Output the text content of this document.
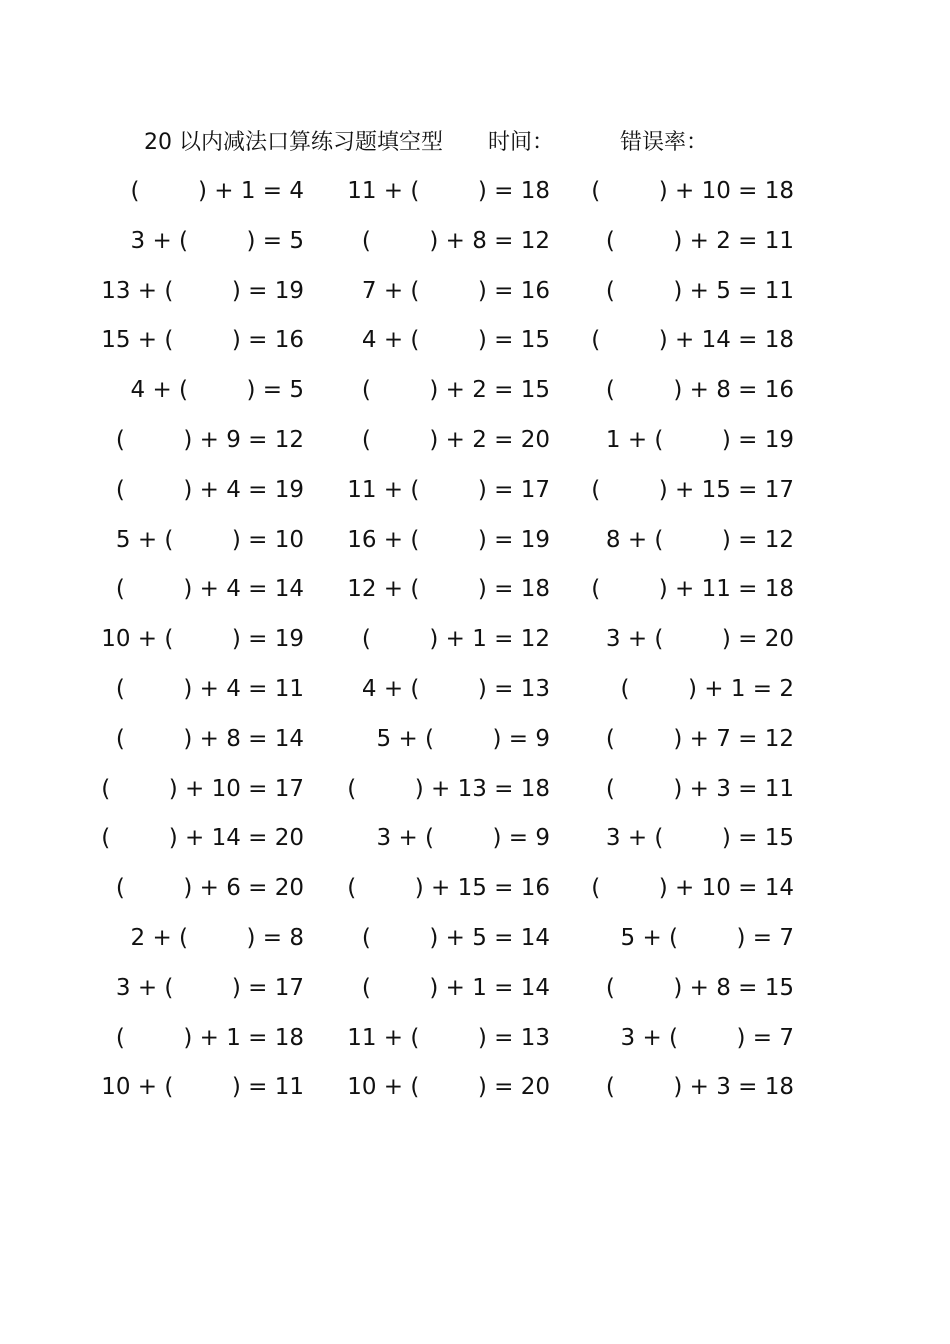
20 以内减法口算练习题填空型 时间：	错误率：
(        ) + 1 = 4	11 + (        ) = 18	(        ) + 10 = 18
3 + (        ) = 5	(        ) + 8 = 12	(        ) + 2 = 11
13 + (        ) = 19	7 + (        ) = 16	(        ) + 5 = 11
15 + (        ) = 16	4 + (        ) = 15	(        ) + 14 = 18
4 + (        ) = 5	(        ) + 2 = 15	(        ) + 8 = 16
(        ) + 9 = 12	(        ) + 2 = 20	1 + (        ) = 19
(        ) + 4 = 19	11 + (        ) = 17	(        ) + 15 = 17
5 + (        ) = 10	16 + (        ) = 19	8 + (        ) = 12
(        ) + 4 = 14	12 + (        ) = 18	(        ) + 11 = 18
10 + (        ) = 19	(        ) + 1 = 12	3 + (        ) = 20
(        ) + 4 = 11	4 + (        ) = 13	(        ) + 1 = 2
(        ) + 8 = 14	5 + (        ) = 9	(        ) + 7 = 12
(        ) + 10 = 17	(        ) + 13 = 18	(        ) + 3 = 11
(        ) + 14 = 20	3 + (        ) = 9	3 + (        ) = 15
(        ) + 6 = 20	(        ) + 15 = 16	(        ) + 10 = 14
2 + (        ) = 8	(        ) + 5 = 14	5 + (        ) = 7
3 + (        ) = 17	(        ) + 1 = 14	(        ) + 8 = 15
(        ) + 1 = 18	11 + (        ) = 13	3 + (        ) = 7
10 + (        ) = 11	10 + (        ) = 20	(        ) + 3 = 18
